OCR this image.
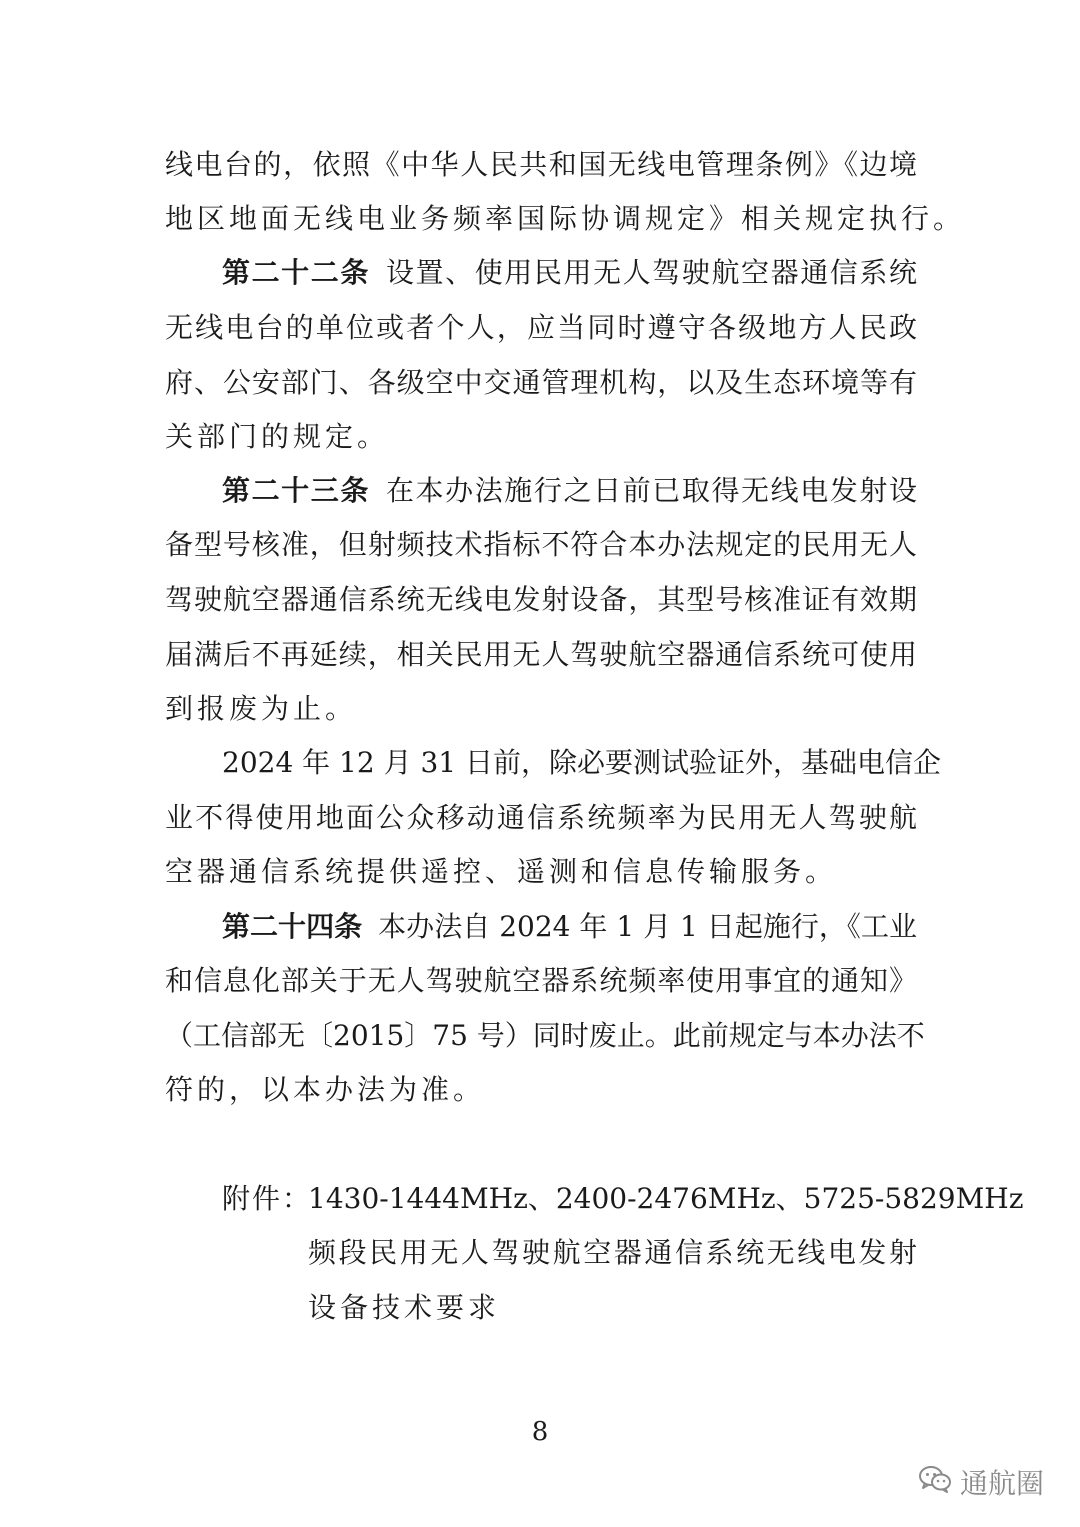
线电台的，依照《中华人民共和国无线电管理条例》《边境
地区地面无线电业务频率国际协调规定》相关规定执行。
第二十二条 设置、使用民用无人驾驶航空器通信系统
无线电台的单位或者个人，应当同时遵守各级地方人民政
府、公安部门、各级空中交通管理机构，以及生态环境等有
关部门的规定。
第二十三条 在本办法施行之日前已取得无线电发射设
备型号核准，但射频技术指标不符合本办法规定的民用无人
驾驶航空器通信系统无线电发射设备，其型号核准证有效期
届满后不再延续，相关民用无人驾驶航空器通信系统可使用
到报废为止。
2024 年 12 月 31 日前，除必要测试验证外，基础电信企
业不得使用地面公众移动通信系统频率为民用无人驾驶航
空器通信系统提供遥控、遥测和信息传输服务。
第二十四条 本办法自 2024 年 1 月 1 日起施行，《工业
和信息化部关于无人驾驶航空器系统频率使用事宜的通知》
（工信部无〔2015〕75 号）同时废止。此前规定与本办法不
符的，以本办法为准。
附件：
1430-1444MHz、2400-2476MHz、5725-5829MHz
频段民用无人驾驶航空器通信系统无线电发射
设备技术要求
8
通航圈
